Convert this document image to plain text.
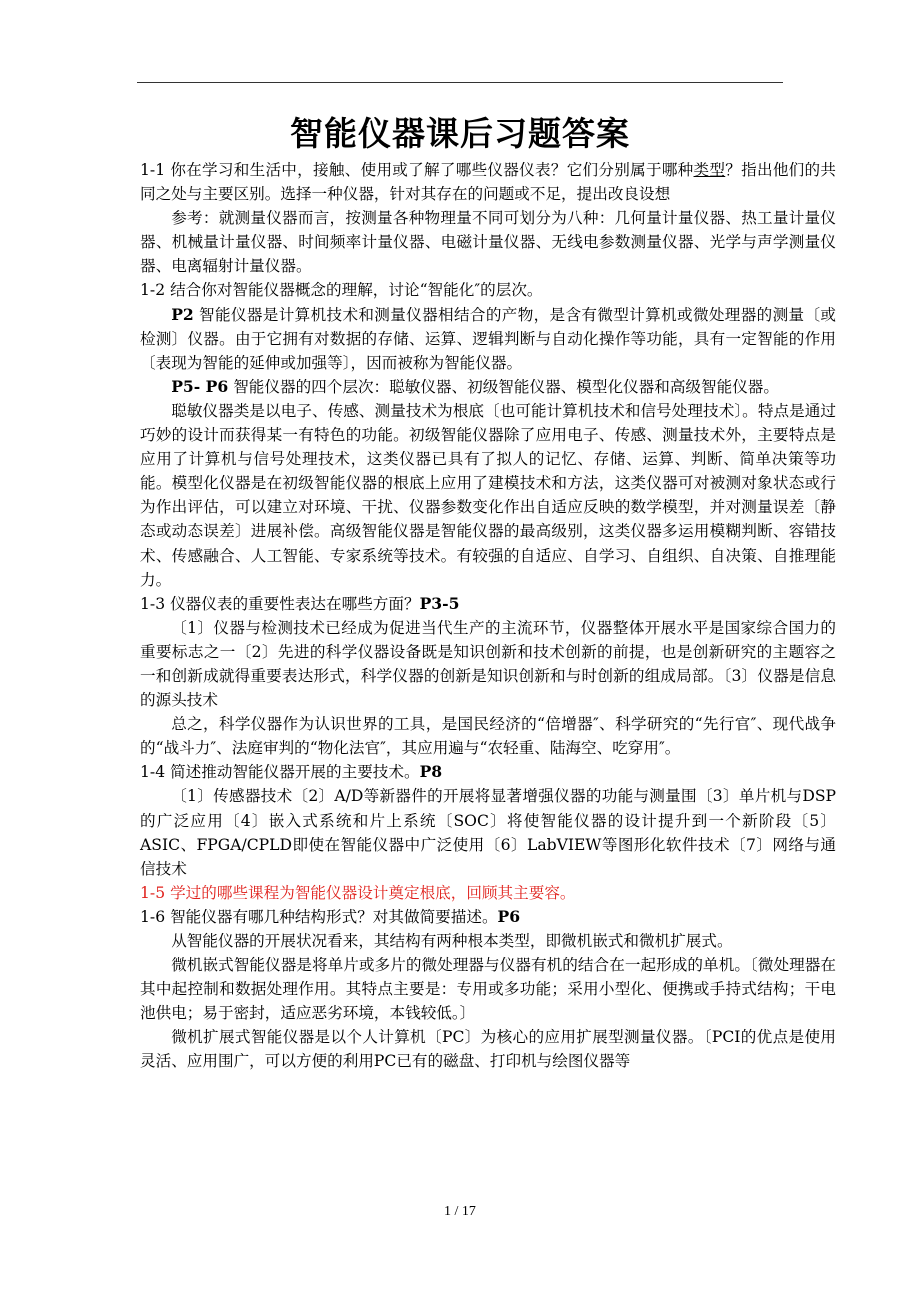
智能仪器课后习题答案

1-1 你在学习和生活中，接触、使用或了解了哪些仪器仪表？它们分别属于哪种类型？指出他们的共同之处与主要区别。选择一种仪器，针对其存在的问题或不足，提出改良设想

参考：就测量仪器而言，按测量各种物理量不同可划分为八种：几何量计量仪器、热工量计量仪器、机械量计量仪器、时间频率计量仪器、电磁计量仪器、无线电参数测量仪器、光学与声学测量仪器、电离辐射计量仪器。

1-2 结合你对智能仪器概念的理解，讨论“智能化″的层次。

P2 智能仪器是计算机技术和测量仪器相结合的产物，是含有微型计算机或微处理器的测量〔或检测〕仪器。由于它拥有对数据的存储、运算、逻辑判断与自动化操作等功能，具有一定智能的作用〔表现为智能的延伸或加强等〕，因而被称为智能仪器。

P5- P6 智能仪器的四个层次：聪敏仪器、初级智能仪器、模型化仪器和高级智能仪器。

聪敏仪器类是以电子、传感、测量技术为根底〔也可能计算机技术和信号处理技术〕。特点是通过巧妙的设计而获得某一有特色的功能。初级智能仪器除了应用电子、传感、测量技术外，主要特点是应用了计算机与信号处理技术，这类仪器已具有了拟人的记忆、存储、运算、判断、简单决策等功能。模型化仪器是在初级智能仪器的根底上应用了建模技术和方法，这类仪器可对被测对象状态或行为作出评估，可以建立对环境、干扰、仪器参数变化作出自适应反映的数学模型，并对测量误差〔静态或动态误差〕进展补偿。高级智能仪器是智能仪器的最高级别，这类仪器多运用模糊判断、容错技术、传感融合、人工智能、专家系统等技术。有较强的自适应、自学习、自组织、自决策、自推理能力。

1-3 仪器仪表的重要性表达在哪些方面？P3-5

〔1〕仪器与检测技术已经成为促进当代生产的主流环节，仪器整体开展水平是国家综合国力的重要标志之一〔2〕先进的科学仪器设备既是知识创新和技术创新的前提，也是创新研究的主题容之一和创新成就得重要表达形式，科学仪器的创新是知识创新和与时创新的组成局部。〔3〕仪器是信息的源头技术

总之，科学仪器作为认识世界的工具，是国民经济的“倍增器″、科学研究的“先行官″、现代战争的“战斗力″、法庭审判的“物化法官″，其应用遍与“农轻重、陆海空、吃穿用″。

1-4 简述推动智能仪器开展的主要技术。P8

〔1〕传感器技术〔2〕A/D等新器件的开展将显著增强仪器的功能与测量围〔3〕单片机与DSP的广泛应用〔4〕嵌入式系统和片上系统〔SOC〕将使智能仪器的设计提升到一个新阶段〔5〕ASIC、FPGA/CPLD即使在智能仪器中广泛使用〔6〕LabVIEW等图形化软件技术〔7〕网络与通信技术

1-5 学过的哪些课程为智能仪器设计奠定根底，回顾其主要容。

1-6 智能仪器有哪几种结构形式？对其做简要描述。P6

从智能仪器的开展状况看来，其结构有两种根本类型，即微机嵌式和微机扩展式。

微机嵌式智能仪器是将单片或多片的微处理器与仪器有机的结合在一起形成的单机。〔微处理器在其中起控制和数据处理作用。其特点主要是：专用或多功能；采用小型化、便携或手持式结构；干电池供电；易于密封，适应恶劣环境，本钱较低。〕

微机扩展式智能仪器是以个人计算机〔PC〕为核心的应用扩展型测量仪器。〔PCI的优点是使用灵活、应用围广，可以方便的利用PC已有的磁盘、打印机与绘图仪器等

1 / 17
